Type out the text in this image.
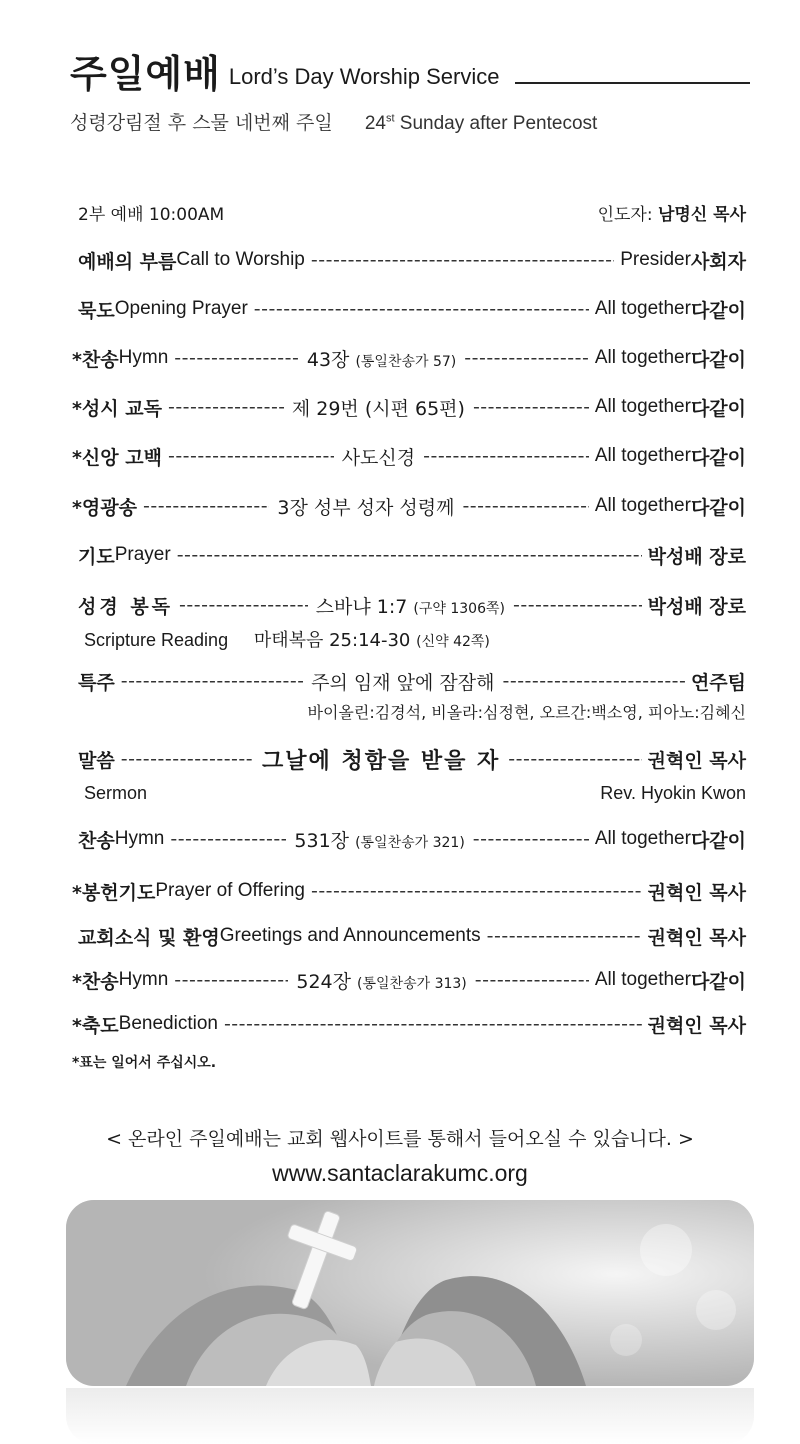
주일예배 Lord’s Day Worship Service
성령강림절 후 스물 네번째 주일 24st Sunday after Pentecost
2부 예배 10:00AM	인도자: 남명신 목사
예배의 부름 Call to Worship -----	Presider 사회자
묵도 Opening Prayer -----	All together 다같이
*찬송 Hymn -----	43장 (통일찬송가 57) -----	All together 다같이
*성시 교독 -----	제 29번 (시편 65편) -----	All together 다같이
*신앙 고백 -----	사도신경 -----	All together 다같이
*영광송 -----	3장 성부 성자 성령께 -----	All together 다같이
기도 Prayer -----	박성배 장로
성경 봉독 -----	스바냐 1:7 (구약 1306쪽) -----	박성배 장로
Scripture Reading 마태복음 25:14-30 (신약 42쪽)
특주 -----	주의 임재 앞에 잠잠해 -----	연주팀
바이올린:김경석, 비올라:심정현, 오르간:백소영, 피아노:김혜신
말씀 -----	그날에 청함을 받을 자 -----	권혁인 목사
Sermon	Rev. Hyokin Kwon
찬송 Hymn -----	531장 (통일찬송가 321) -----	All together 다같이
*봉헌기도 Prayer of Offering -----	권혁인 목사
교회소식 및 환영 Greetings and Announcements -----	권혁인 목사
*찬송 Hymn -----	524장 (통일찬송가 313) -----	All together 다같이
*축도 Benediction -----	권혁인 목사
*표는 일어서 주십시오.
< 온라인 주일예배는 교회 웹사이트를 통해서 들어오실 수 있습니다. >
www.santaclarakumc.org
